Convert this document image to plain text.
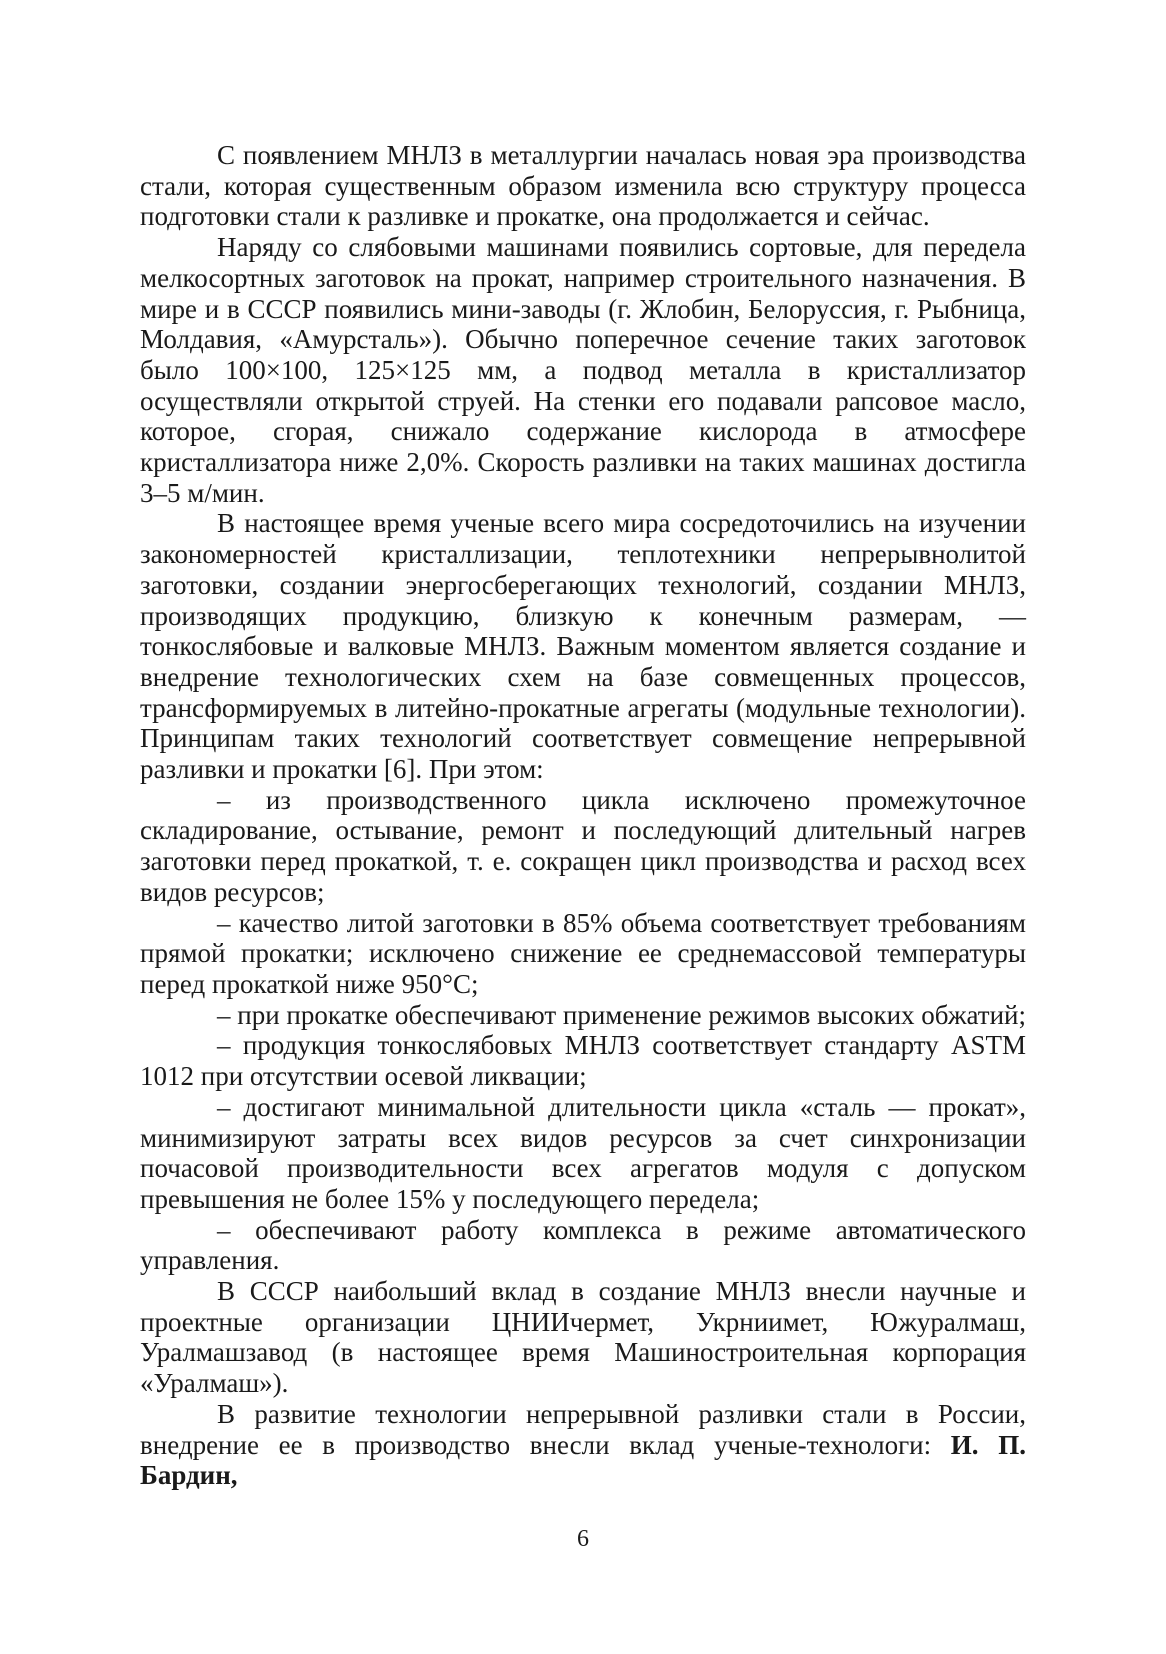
С появлением МНЛЗ в металлургии началась новая эра производства стали, которая существенным образом изменила всю структуру процесса подготовки стали к разливке и прокатке, она продолжается и сейчас.

Наряду со слябовыми машинами появились сортовые, для передела мелкосортных заготовок на прокат, например строительного назначения. В мире и в СССР появились мини-заводы (г. Жлобин, Белоруссия, г. Рыбница, Молдавия, «Амурсталь»). Обычно поперечное сечение таких заготовок было 100×100, 125×125 мм, а подвод металла в кристаллизатор осуществляли открытой струей. На стенки его подавали рапсовое масло, которое, сгорая, снижало содержание кислорода в атмосфере кристаллизатора ниже 2,0%. Скорость разливки на таких машинах достигла 3–5 м/мин.

В настоящее время ученые всего мира сосредоточились на изучении закономерностей кристаллизации, теплотехники непрерывнолитой заготовки, создании энергосберегающих технологий, создании МНЛЗ, производящих продукцию, близкую к конечным размерам, — тонкослябовые и валковые МНЛЗ. Важным моментом является создание и внедрение технологических схем на базе совмещенных процессов, трансформируемых в литейно-прокатные агрегаты (модульные технологии). Принципам таких технологий соответствует совмещение непрерывной разливки и прокатки [6]. При этом:

– из производственного цикла исключено промежуточное складирование, остывание, ремонт и последующий длительный нагрев заготовки перед прокаткой, т. е. сокращен цикл производства и расход всех видов ресурсов;

– качество литой заготовки в 85% объема соответствует требованиям прямой прокатки; исключено снижение ее среднемассовой температуры перед прокаткой ниже 950°С;

– при прокатке обеспечивают применение режимов высоких обжатий;

– продукция тонкослябовых МНЛЗ соответствует стандарту ASTM 1012 при отсутствии осевой ликвации;

– достигают минимальной длительности цикла «сталь — прокат», минимизируют затраты всех видов ресурсов за счет синхронизации почасовой производительности всех агрегатов модуля с допуском превышения не более 15% у последующего передела;

– обеспечивают работу комплекса в режиме автоматического управления.

В СССР наибольший вклад в создание МНЛЗ внесли научные и проектные организации ЦНИИчермет, Укрниимет, Южуралмаш, Уралмашзавод (в настоящее время Машиностроительная корпорация «Уралмаш»).

В развитие технологии непрерывной разливки стали в России, внедрение ее в производство внесли вклад ученые-технологи: И. П. Бардин,

6
